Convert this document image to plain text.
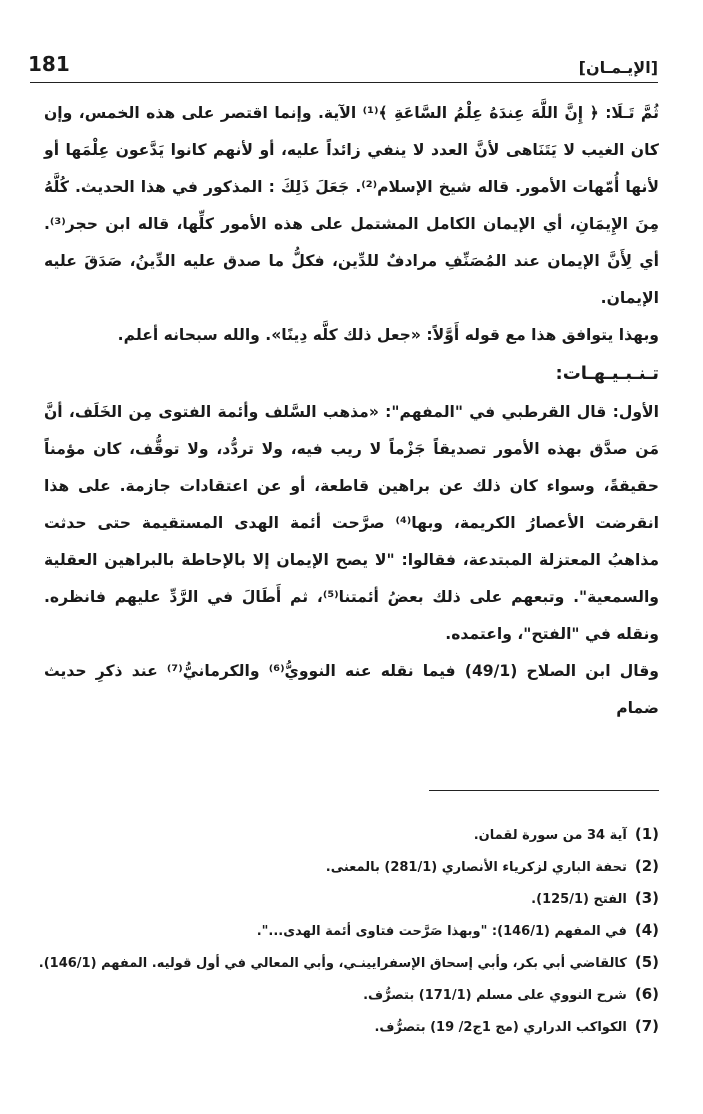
181	[الإيـمـان]

ثُمَّ تَـلَا: ﴿ إِنَّ اللَّهَ عِندَهُ عِلْمُ السَّاعَةِ ﴾⁽¹⁾ الآية. وإنما اقتصر على هذه الخمس، وإن كان الغيب لا يَتَنَاهى لأنَّ العدد لا ينفي زائداً عليه، أو لأنهم كانوا يَدَّعون عِلْمَها أو لأنها أُمّهات الأمور. قاله شيخ الإسلام⁽²⁾. جَعَلَ ذَلِكَ : المذكور في هذا الحديث. كُلَّهُ مِنَ الإِيمَانِ، أي الإيمان الكامل المشتمل على هذه الأمور كلِّها، قاله ابن حجر⁽³⁾. أي لِأَنَّ الإيمان عند المُصَنِّفِ مرادفٌ للدِّين، فكلُّ ما صدق عليه الدِّينُ، صَدَقَ عليه الإيمان.

وبهذا يتوافق هذا مع قوله أَوَّلاً: «جعل ذلك كلَّه دِينًا». والله سبحانه أعلم.

تـنـبـيـهـات:

الأول: قال القرطبي في "المفهم": «مذهب السَّلف وأئمة الفتوى مِن الخَلَف، أنَّ مَن صدَّق بهذه الأمور تصديقاً جَزْماً لا ريب فيه، ولا تردُّد، ولا توقُّف، كان مؤمناً حقيقةً، وسواء كان ذلك عن براهين قاطعة، أو عن اعتقادات جازمة. على هذا انقرضت الأعصارُ الكريمة، وبها⁽⁴⁾ صرَّحت أئمة الهدى المستقيمة حتى حدثت مذاهبُ المعتزلة المبتدعة، فقالوا: "لا يصح الإيمان إلا بالإحاطة بالبراهين العقلية والسمعية". وتبعهم على ذلك بعضُ أئمتنا⁽⁵⁾، ثم أَطَالَ في الرَّدِّ عليهم فانظره. ونقله في "الفتح"، واعتمده.

وقال ابن الصلاح (49/1) فيما نقله عنه النوويُّ⁽⁶⁾ والكرمانيُّ⁽⁷⁾ عند ذكرِ حديث ضمام

(1)آية 34 من سورة لقمان.
(2)تحفة الباري لزكرياء الأنصاري (281/1) بالمعنى.
(3)الفتح (125/1).
(4)في المفهم (146/1): "وبهذا صَرَّحت فتاوى أئمة الهدى...".
(5)كالقاضي أبي بكر، وأبي إسحاق الإسفرايينـي، وأبي المعالي في أول قوليه. المفهم (146/1).
(6)شرح النووي على مسلم (171/1) بتصرُّف.
(7)الكواكب الدراري (مج 1ج2/ 19) بتصرُّف.
